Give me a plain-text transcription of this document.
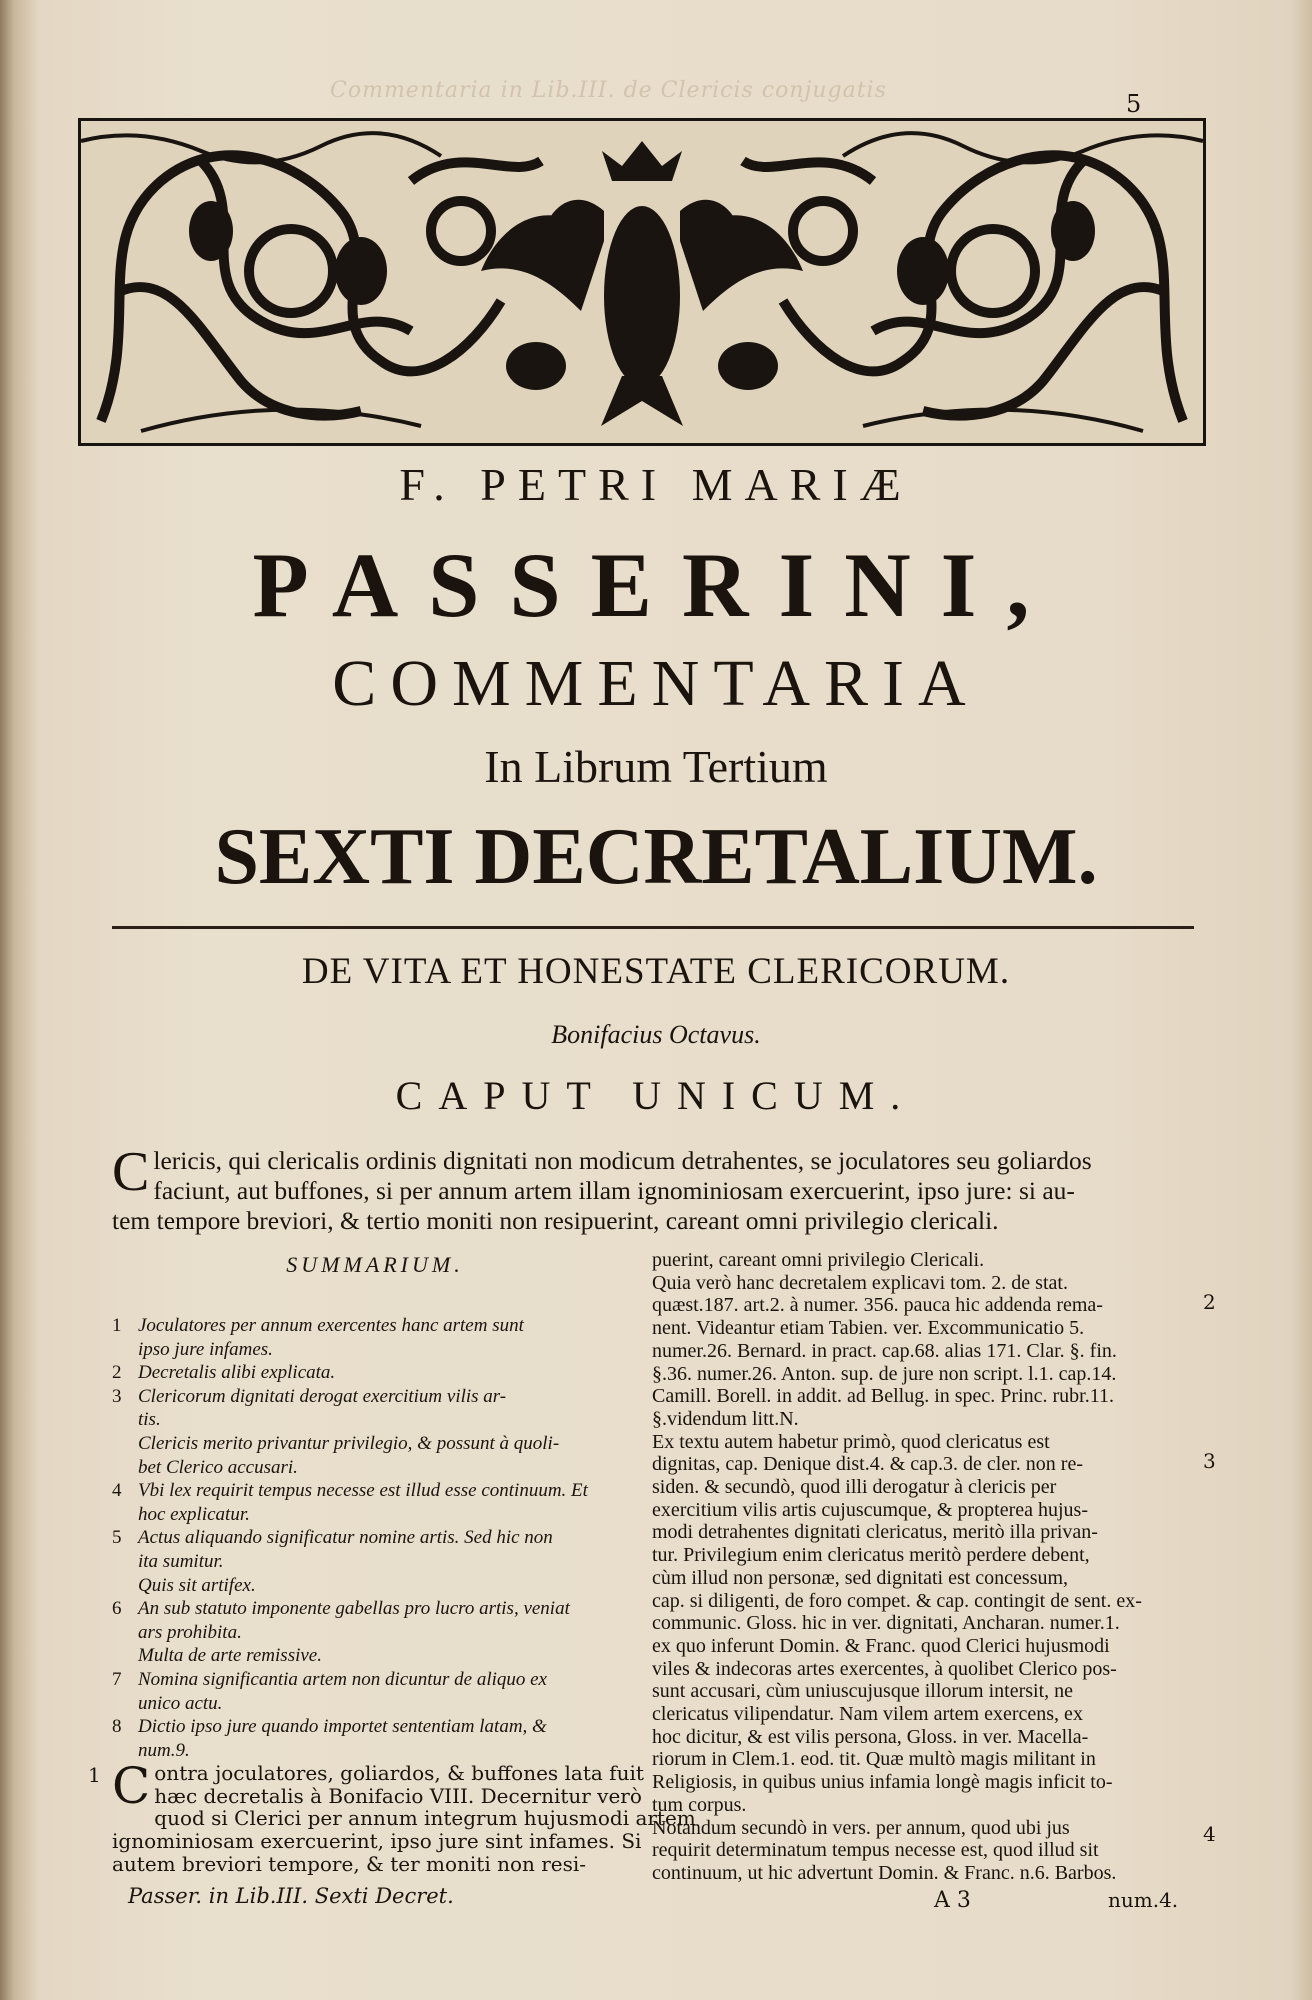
Commentaria in Lib.III. de Clericis conjugatis	5
F. PETRI MARIÆ
PASSERINI,
COMMENTARIA
In Librum Tertium
SEXTI DECRETALIUM.
DE VITA ET HONESTATE CLERICORUM.
Bonifacius Octavus.
CAPUT UNICUM.
C lericis, qui clericalis ordinis dignitati non modicum detrahentes, se joculatores seu goliardos
faciunt, aut buffones, si per annum artem illam ignominiosam exercuerint, ipso jure: si au-
tem tempore breviori, & tertio moniti non resipuerint, careant omni privilegio clericali.
SUMMARIUM.
1 Joculatores per annum exercentes hanc artem sunt
ipso jure infames.
2 Decretalis alibi explicata.
3 Clericorum dignitati derogat exercitium vilis ar-
tis.
Clericis merito privantur privilegio, & possunt à quoli-
bet Clerico accusari.
4 Vbi lex requirit tempus necesse est illud esse continuum. Et
hoc explicatur.
5 Actus aliquando significatur nomine artis. Sed hic non
ita sumitur.
Quis sit artifex.
6 An sub statuto imponente gabellas pro lucro artis, veniat
ars prohibita.
Multa de arte remissive.
7 Nomina significantia artem non dicuntur de aliquo ex
unico actu.
8 Dictio ipso jure quando importet sententiam latam, &
num.9.
C ontra joculatores, goliardos, & buffones lata fuit
hæc decretalis à Bonifacio VIII. Decernitur verò
quod si Clerici per annum integrum hujusmodi artem
ignominiosam exercuerint, ipso jure sint infames. Si
autem breviori tempore, & ter moniti non resi-
1
Passer. in Lib.III. Sexti Decret.
puerint, careant omni privilegio Clericali.
Quia verò hanc decretalem explicavi tom. 2. de stat.
quæst.187. art.2. à numer. 356. pauca hic addenda rema-
nent. Videantur etiam Tabien. ver. Excommunicatio 5.
numer.26. Bernard. in pract. cap.68. alias 171. Clar. §. fin.
§.36. numer.26. Anton. sup. de jure non script. l.1. cap.14.
Camill. Borell. in addit. ad Bellug. in spec. Princ. rubr.11.
§.videndum litt.N.
Ex textu autem habetur primò, quod clericatus est
dignitas, cap. Denique dist.4. & cap.3. de cler. non re-
siden. & secundò, quod illi derogatur à clericis per
exercitium vilis artis cujuscumque, & propterea hujus-
modi detrahentes dignitati clericatus, meritò illa privan-
tur. Privilegium enim clericatus meritò perdere debent,
cùm illud non personæ, sed dignitati est concessum,
cap. si diligenti, de foro compet. & cap. contingit de sent. ex-
communic. Gloss. hic in ver. dignitati, Ancharan. numer.1.
ex quo inferunt Domin. & Franc. quod Clerici hujusmodi
viles & indecoras artes exercentes, à quolibet Clerico pos-
sunt accusari, cùm uniuscujusque illorum intersit, ne
clericatus vilipendatur. Nam vilem artem exercens, ex
hoc dicitur, & est vilis persona, Gloss. in ver. Macella-
riorum in Clem.1. eod. tit. Quæ multò magis militant in
Religiosis, in quibus unius infamia longè magis inficit to-
tum corpus.
Notandum secundò in vers. per annum, quod ubi jus
requirit determinatum tempus necesse est, quod illud sit
continuum, ut hic advertunt Domin. & Franc. n.6. Barbos.
2
3
4
A 3	num.4.
